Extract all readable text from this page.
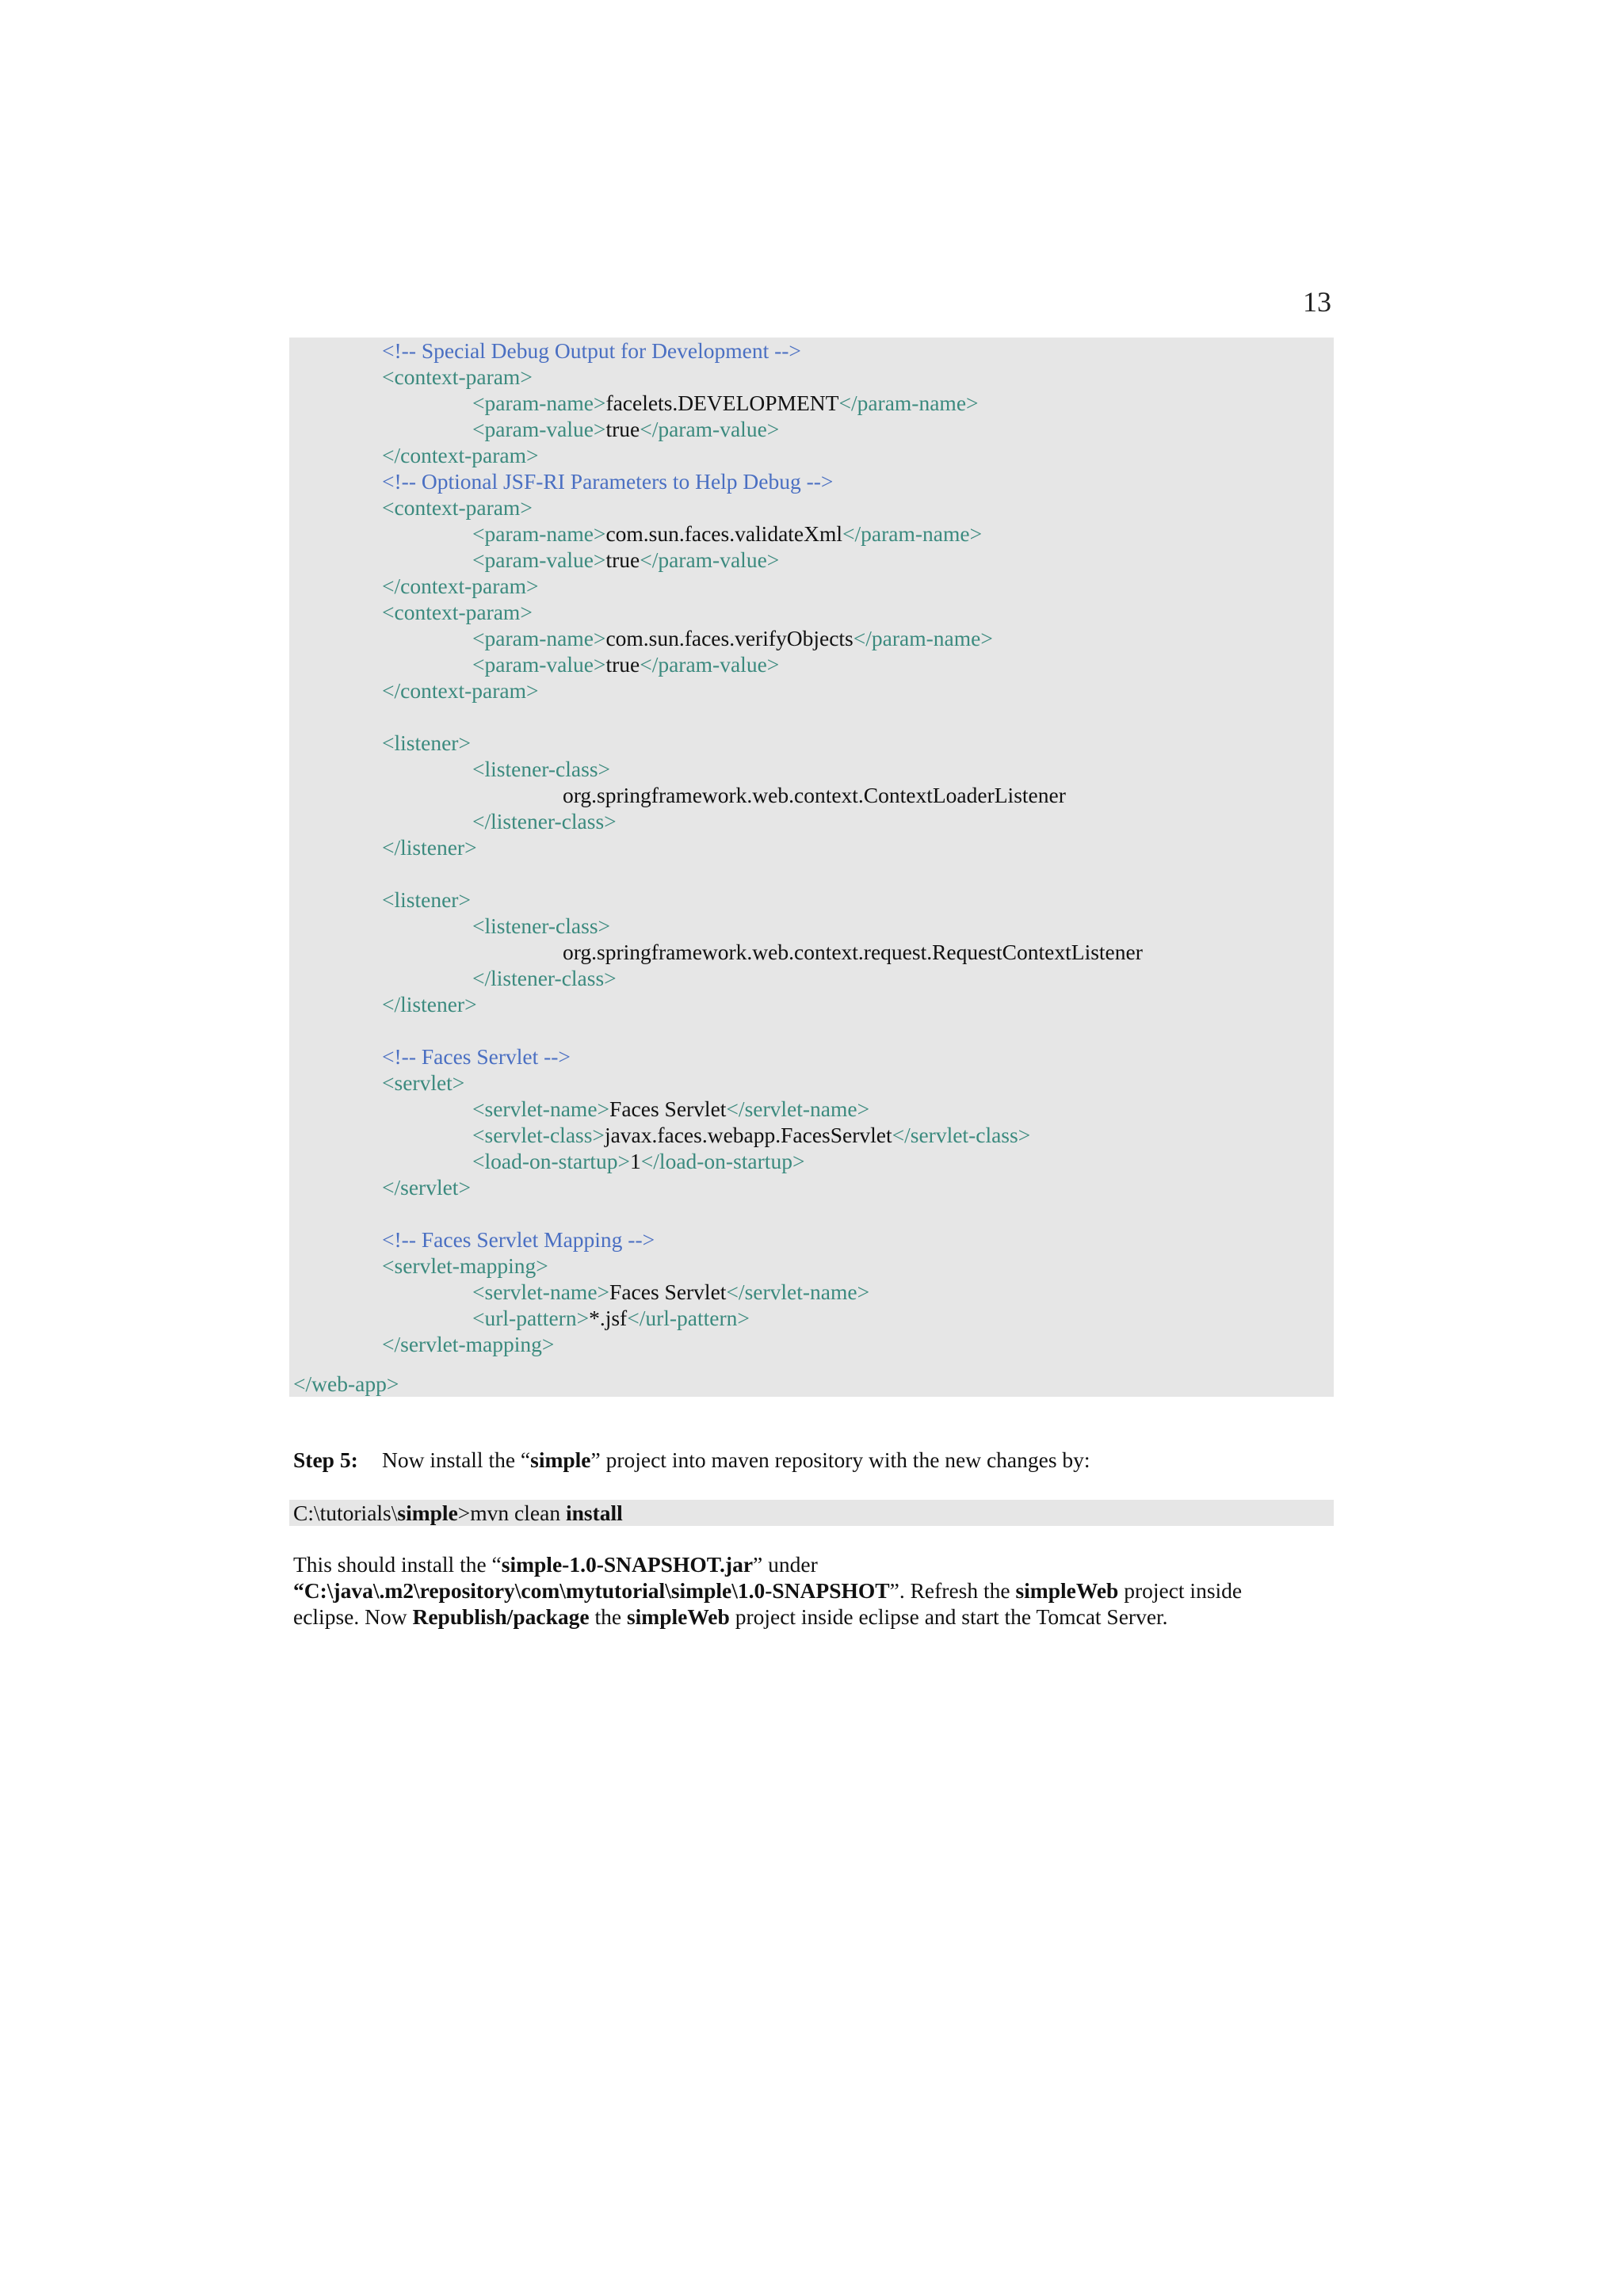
13
<!-- Special Debug Output for Development -->
<context-param>
<param-name>facelets.DEVELOPMENT</param-name>
<param-value>true</param-value>
</context-param>
<!-- Optional JSF-RI Parameters to Help Debug -->
<context-param>
<param-name>com.sun.faces.validateXml</param-name>
<param-value>true</param-value>
</context-param>
<context-param>
<param-name>com.sun.faces.verifyObjects</param-name>
<param-value>true</param-value>
</context-param>
<listener>
<listener-class>
org.springframework.web.context.ContextLoaderListener
</listener-class>
</listener>
<listener>
<listener-class>
org.springframework.web.context.request.RequestContextListener
</listener-class>
</listener>
<!-- Faces Servlet -->
<servlet>
<servlet-name>Faces Servlet</servlet-name>
<servlet-class>javax.faces.webapp.FacesServlet</servlet-class>
<load-on-startup>1</load-on-startup>
</servlet>
<!-- Faces Servlet Mapping -->
<servlet-mapping>
<servlet-name>Faces Servlet</servlet-name>
<url-pattern>*.jsf</url-pattern>
</servlet-mapping>
</web-app>
Step 5: Now install the “simple” project into maven repository with the new changes by:
C:\tutorials\simple>mvn clean install
This should install the “simple-1.0-SNAPSHOT.jar” under
“C:\java\.m2\repository\com\mytutorial\simple\1.0-SNAPSHOT”. Refresh the simpleWeb project inside
eclipse. Now Republish/package the simpleWeb project inside eclipse and start the Tomcat Server.
